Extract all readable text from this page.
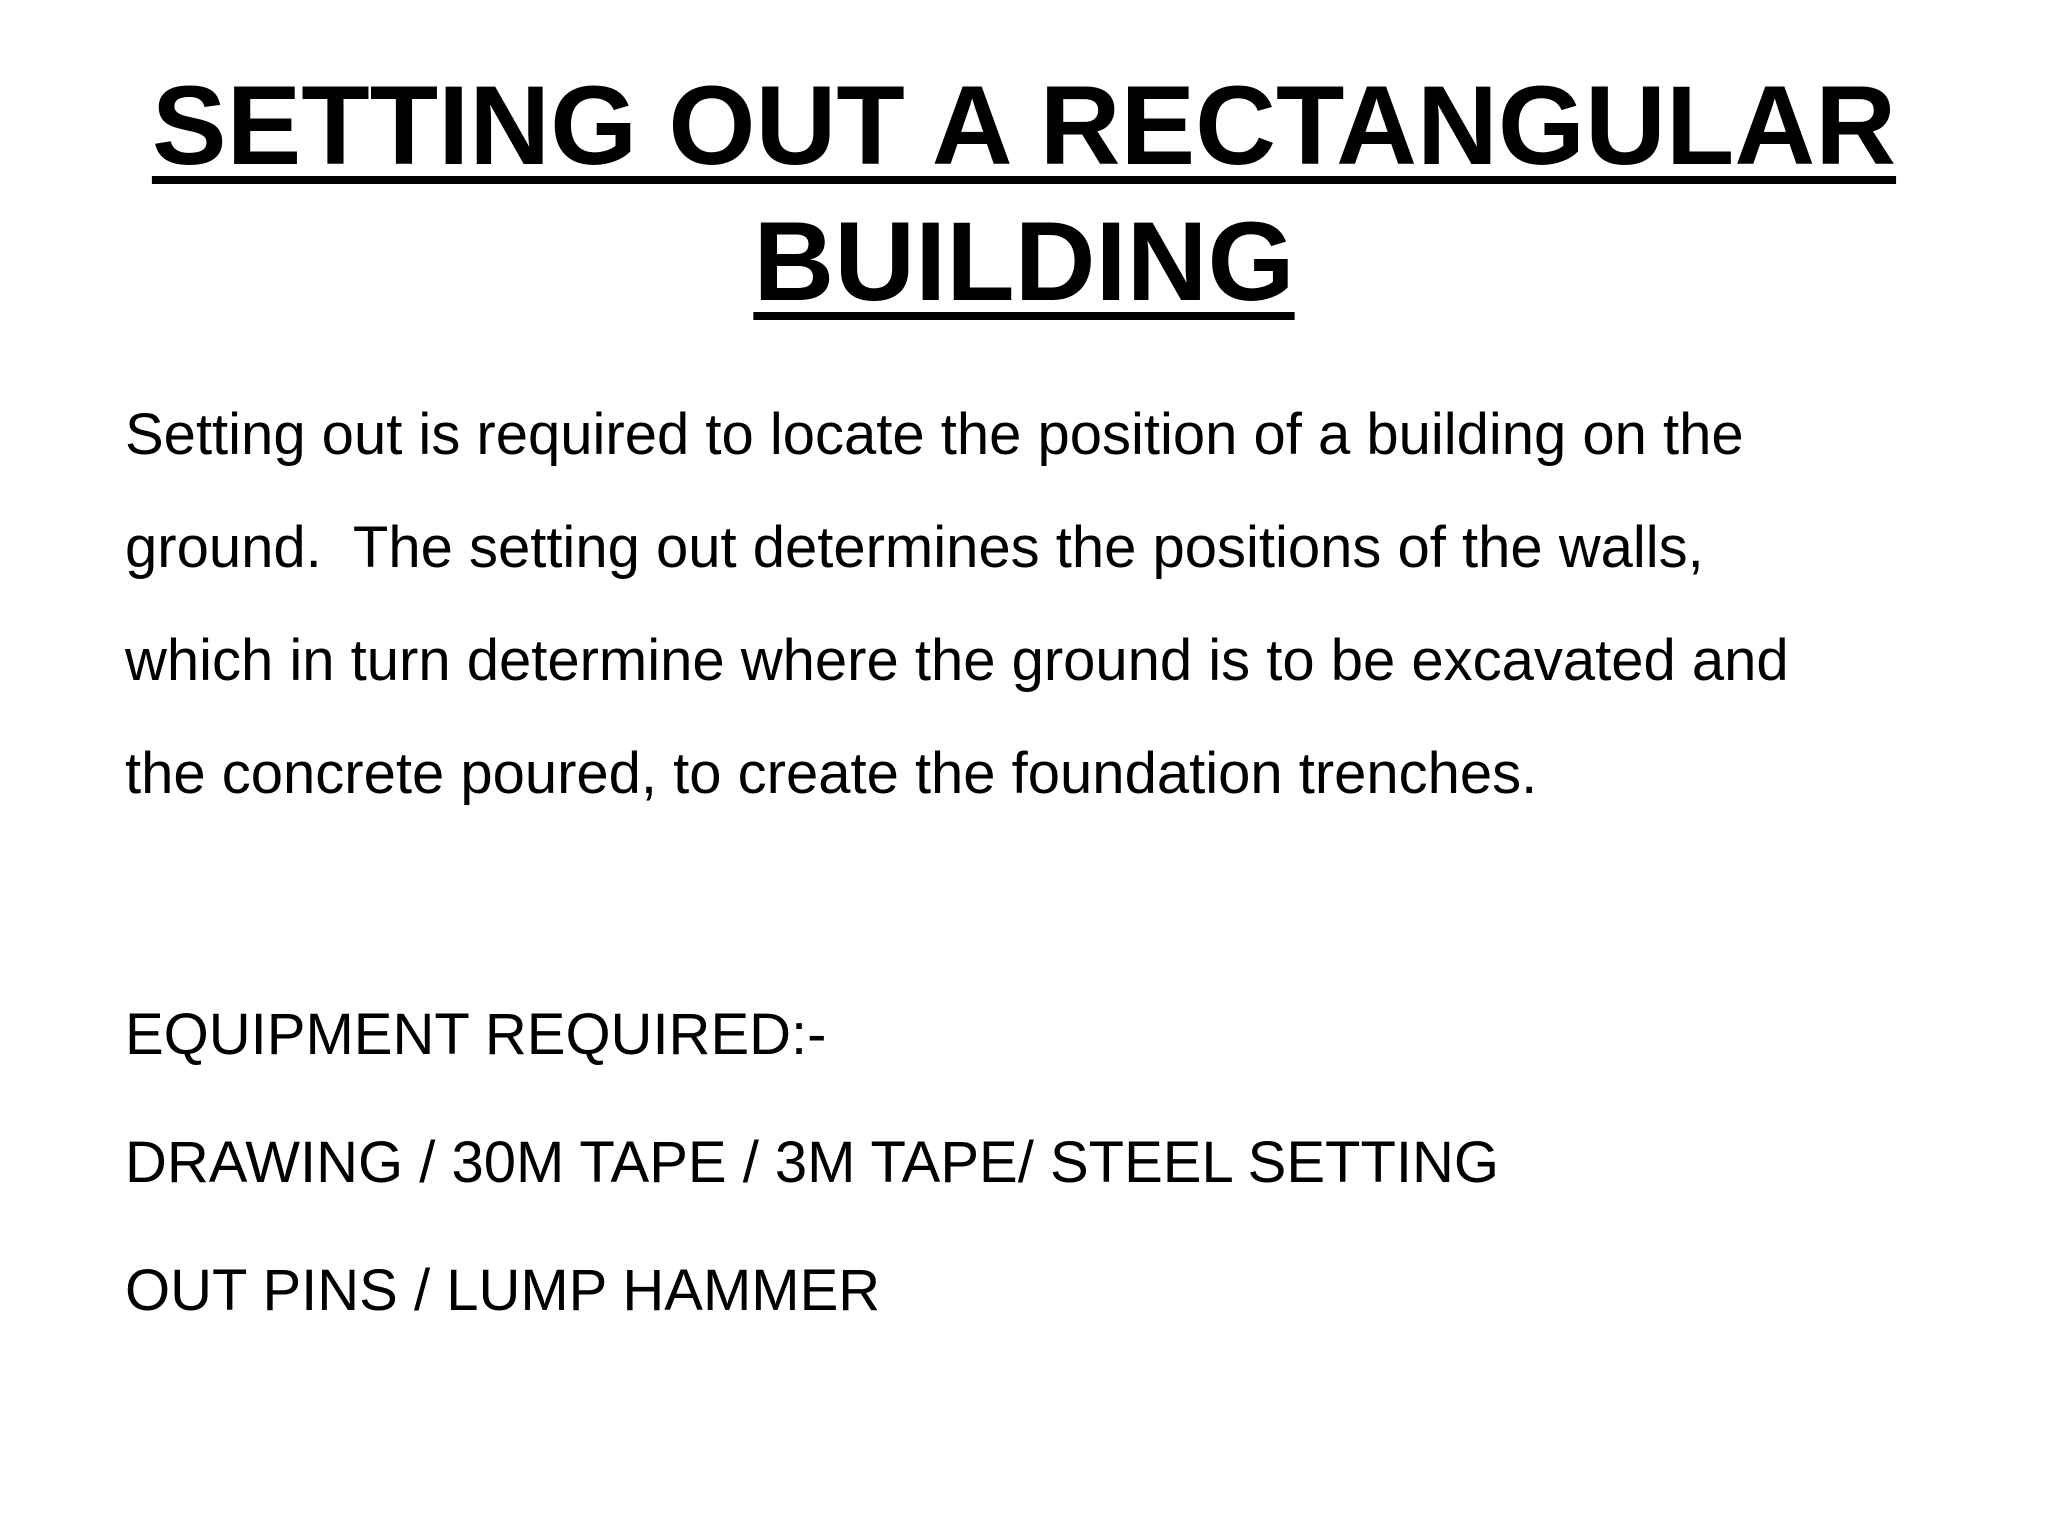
SETTING OUT A RECTANGULAR
BUILDING

Setting out is required to locate the position of a building on the

ground.  The setting out determines the positions of the walls,

which in turn determine where the ground is to be excavated and

the concrete poured, to create the foundation trenches.

EQUIPMENT REQUIRED:-

DRAWING / 30M TAPE / 3M TAPE/ STEEL SETTING

OUT PINS / LUMP HAMMER
